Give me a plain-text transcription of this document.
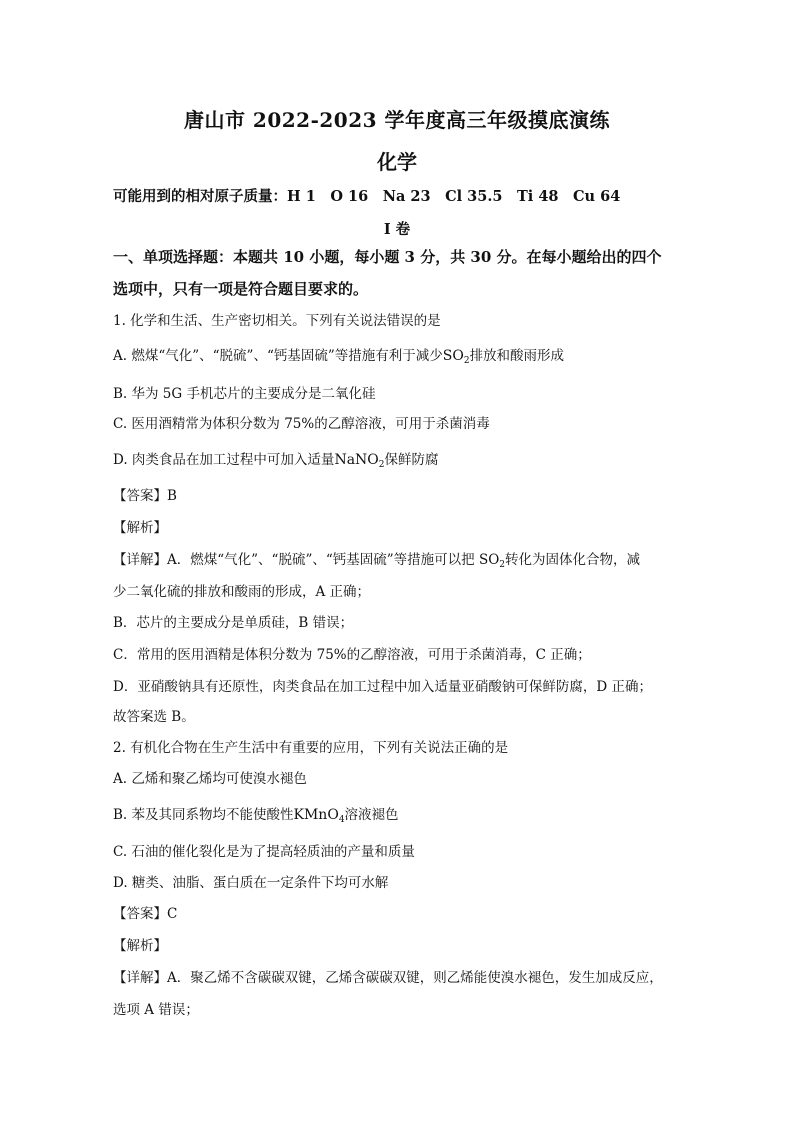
唐山市 2022-2023 学年度高三年级摸底演练
化学
可能用到的相对原子质量：H 1　O 16　Na 23　Cl 35.5　Ti 48　Cu 64
I 卷
一、单项选择题：本题共 10 小题，每小题 3 分，共 30 分。在每小题给出的四个
选项中，只有一项是符合题目要求的。
1. 化学和生活、生产密切相关。下列有关说法错误的是
A. 燃煤“气化”、“脱硫”、“钙基固硫”等措施有利于减少$SO_2$排放和酸雨形成
B. 华为 5G 手机芯片的主要成分是二氧化硅
C. 医用酒精常为体积分数为 75%的乙醇溶液，可用于杀菌消毒
D. 肉类食品在加工过程中可加入适量NaNO$_2$保鲜防腐
【答案】B
【解析】
【详解】A．燃煤“气化”、“脱硫”、“钙基固硫”等措施可以把 $SO_2$转化为固体化合物，减
少二氧化硫的排放和酸雨的形成，A 正确；
B．芯片的主要成分是单质硅，B 错误；
C．常用的医用酒精是体积分数为 75%的乙醇溶液，可用于杀菌消毒，C 正确；
D．亚硝酸钠具有还原性，肉类食品在加工过程中加入适量亚硝酸钠可保鲜防腐，D 正确；
故答案选 B。
2. 有机化合物在生产生活中有重要的应用，下列有关说法正确的是
A. 乙烯和聚乙烯均可使溴水褪色
B. 苯及其同系物均不能使酸性KMnO$_4$溶液褪色
C. 石油的催化裂化是为了提高轻质油的产量和质量
D. 糖类、油脂、蛋白质在一定条件下均可水解
【答案】C
【解析】
【详解】A．聚乙烯不含碳碳双键，乙烯含碳碳双键，则乙烯能使溴水褪色，发生加成反应，
选项 A 错误；
